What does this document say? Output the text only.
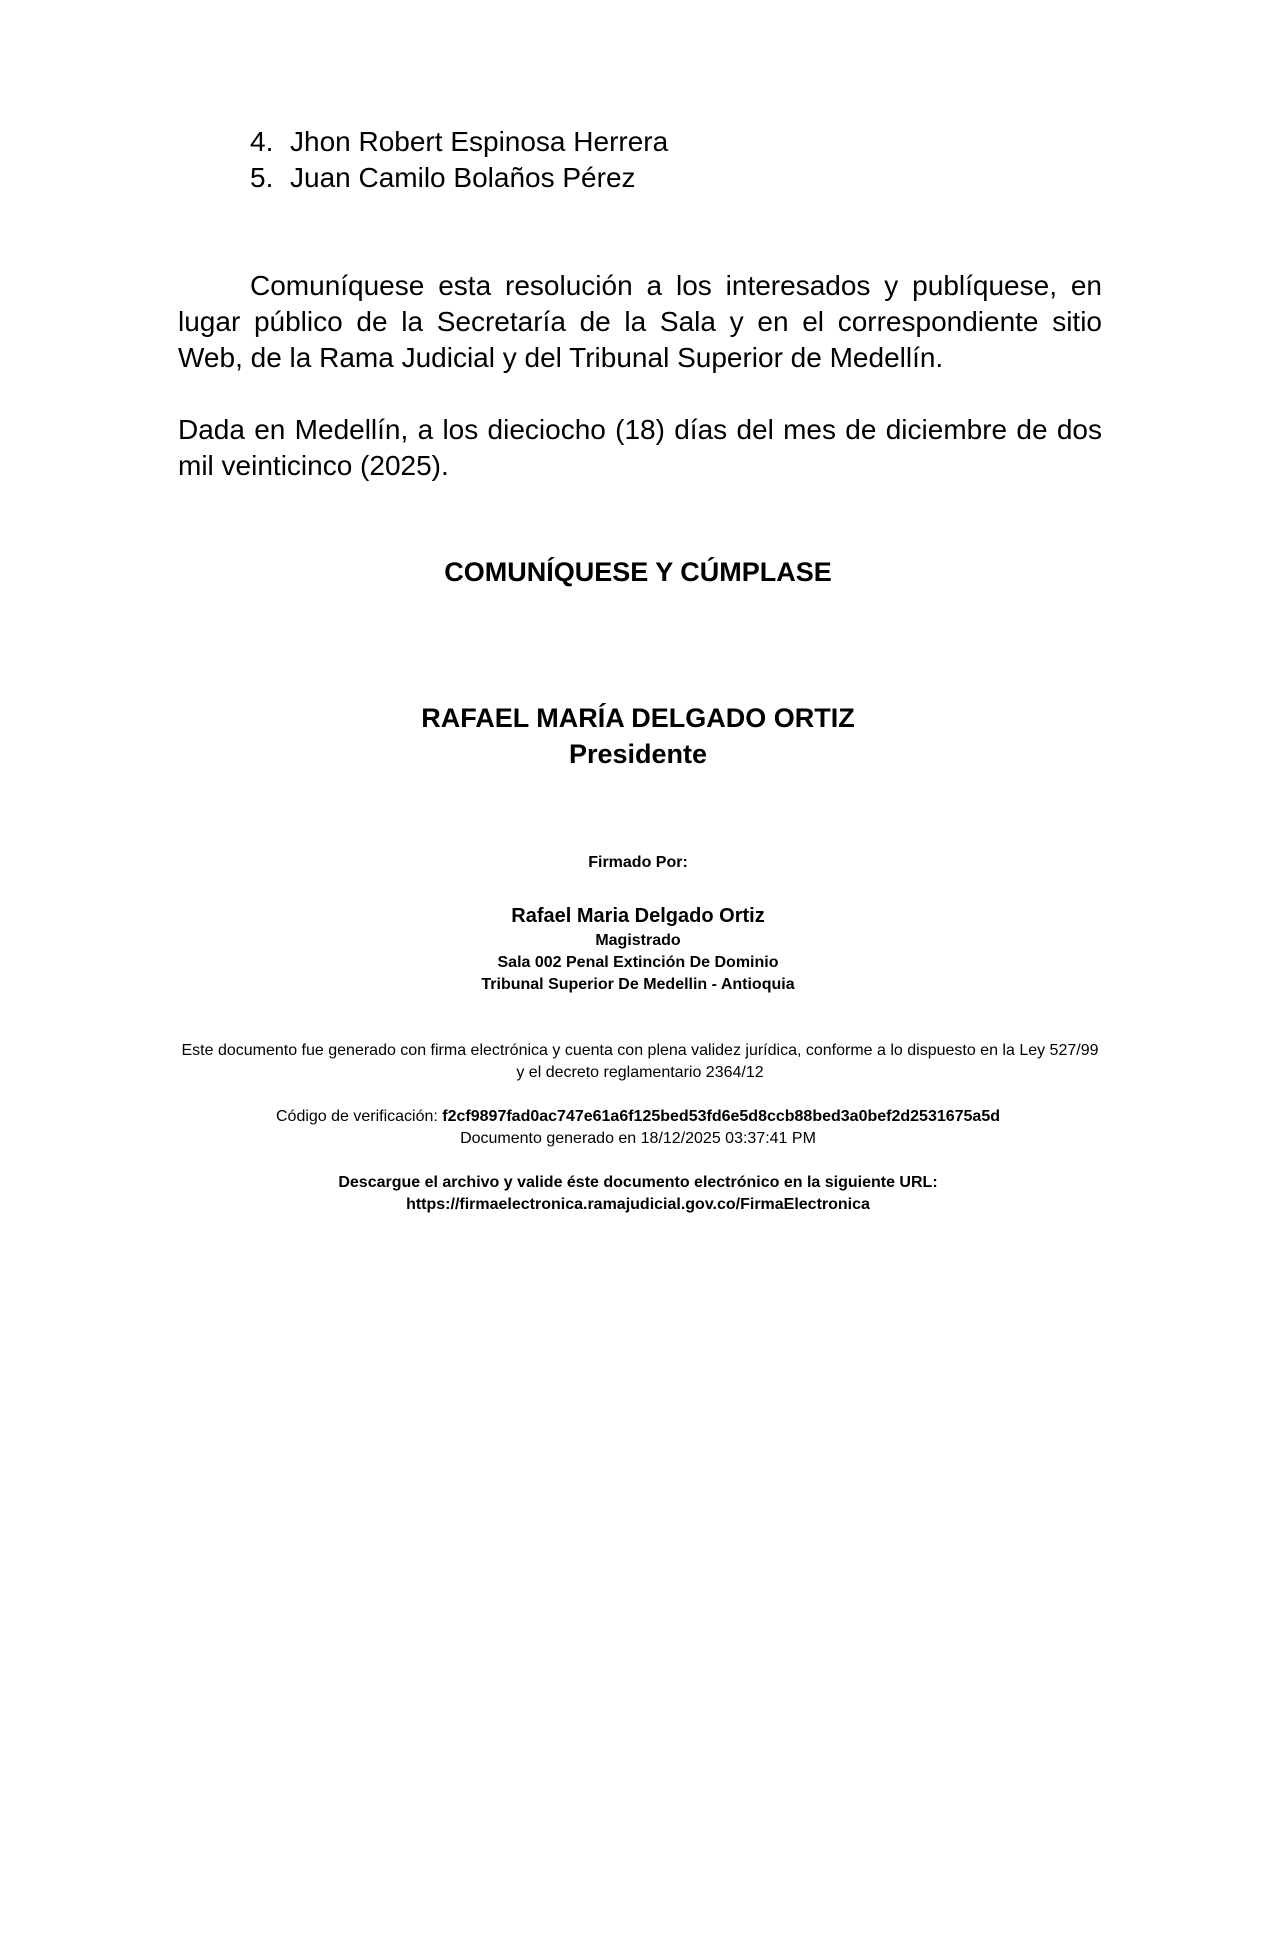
4. Jhon Robert Espinosa Herrera
5. Juan Camilo Bolaños Pérez

Comuníquese esta resolución a los interesados y publíquese, en lugar público de la Secretaría de la Sala y en el correspondiente sitio Web, de la Rama Judicial y del Tribunal Superior de Medellín.

Dada en Medellín, a los dieciocho (18) días del mes de diciembre de dos mil veinticinco (2025).

COMUNÍQUESE Y CÚMPLASE
RAFAEL MARÍA DELGADO ORTIZ
Presidente
Firmado Por:
Rafael Maria Delgado Ortiz
Magistrado
Sala 002 Penal Extinción De Dominio
Tribunal Superior De Medellin - Antioquia
Este documento fue generado con firma electrónica y cuenta con plena validez jurídica, conforme a lo dispuesto en la Ley 527/99 y el decreto reglamentario 2364/12
Código de verificación: f2cf9897fad0ac747e61a6f125bed53fd6e5d8ccb88bed3a0bef2d2531675a5d
Documento generado en 18/12/2025 03:37:41 PM
Descargue el archivo y valide éste documento electrónico en la siguiente URL:
https://firmaelectronica.ramajudicial.gov.co/FirmaElectronica
